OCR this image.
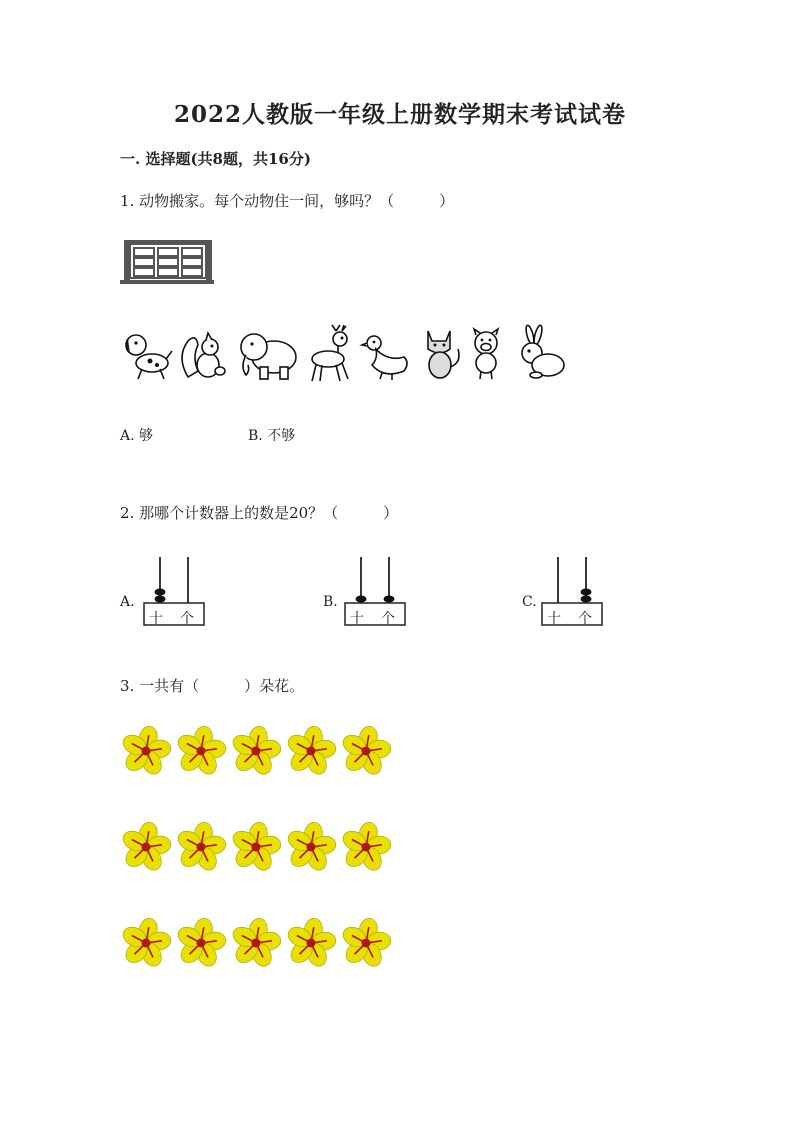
2022人教版一年级上册数学期末考试试卷
一. 选择题(共8题，共16分)
1. 动物搬家。每个动物住一间，够吗？（　　　）
A. 够	B. 不够
2. 那哪个计数器上的数是20？（　　　）
A.	B.	C.
十 个	十 个	十 个
3. 一共有（　　　）朵花。
